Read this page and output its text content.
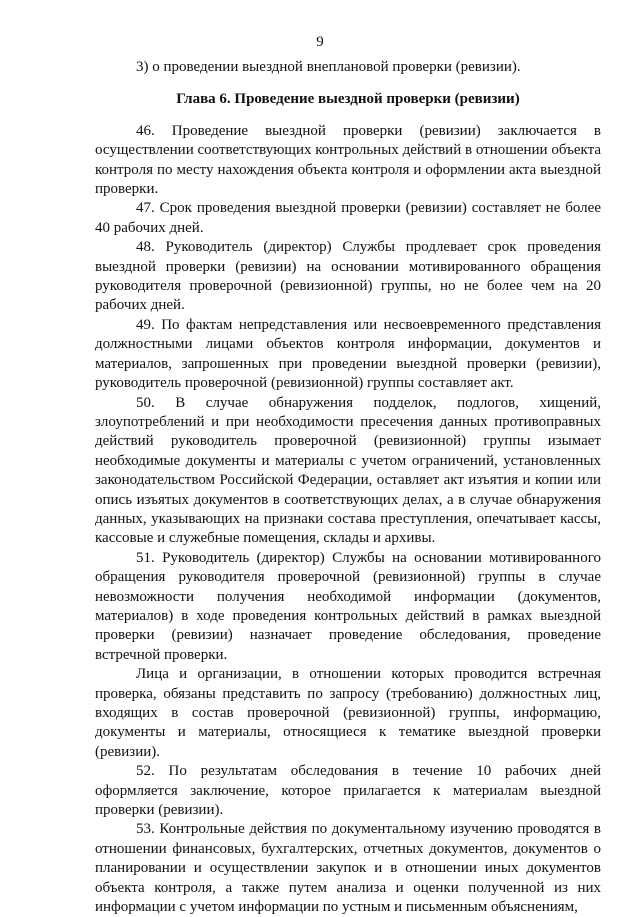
9

3) о проведении выездной внеплановой проверки (ревизии).

Глава 6. Проведение выездной проверки (ревизии)

46. Проведение выездной проверки (ревизии) заключается в осуществлении соответствующих контрольных действий в отношении объекта контроля по месту нахождения объекта контроля и оформлении акта выездной проверки.

47. Срок проведения выездной проверки (ревизии) составляет не более 40 рабочих дней.

48. Руководитель (директор) Службы продлевает срок проведения выездной проверки (ревизии) на основании мотивированного обращения руководителя проверочной (ревизионной) группы, но не более чем на 20 рабочих дней.

49. По фактам непредставления или несвоевременного представления должностными лицами объектов контроля информации, документов и материалов, запрошенных при проведении выездной проверки (ревизии), руководитель проверочной (ревизионной) группы составляет акт.

50. В случае обнаружения подделок, подлогов, хищений, злоупотреблений и при необходимости пресечения данных противоправных действий руководитель проверочной (ревизионной) группы изымает необходимые документы и материалы с учетом ограничений, установленных законодательством Российской Федерации, оставляет акт изъятия и копии или опись изъятых документов в соответствующих делах, а в случае обнаружения данных, указывающих на признаки состава преступления, опечатывает кассы, кассовые и служебные помещения, склады и архивы.

51. Руководитель (директор) Службы на основании мотивированного обращения руководителя проверочной (ревизионной) группы в случае невозможности получения необходимой информации (документов, материалов) в ходе проведения контрольных действий в рамках выездной проверки (ревизии) назначает проведение обследования, проведение встречной проверки.

Лица и организации, в отношении которых проводится встречная проверка, обязаны представить по запросу (требованию) должностных лиц, входящих в состав проверочной (ревизионной) группы, информацию, документы и материалы, относящиеся к тематике выездной проверки (ревизии).

52. По результатам обследования в течение 10 рабочих дней оформляется заключение, которое прилагается к материалам выездной проверки (ревизии).

53. Контрольные действия по документальному изучению проводятся в отношении финансовых, бухгалтерских, отчетных документов, документов о планировании и осуществлении закупок и в отношении иных документов объекта контроля, а также путем анализа и оценки полученной из них информации с учетом информации по устным и письменным объяснениям,
